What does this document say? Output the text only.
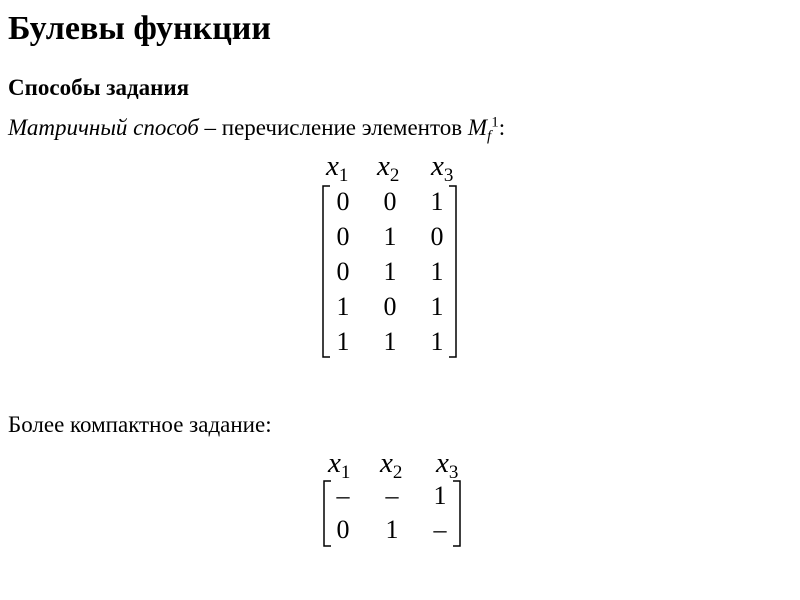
Булевы функции
Способы задания
Матричный способ – перечисление элементов $M_f^1$:
$x_1$ $x_2$ $x_3$
0	0	1
0	1	0
0	1	1
1	0	1
1	1	1
Более компактное задание:
$x_1$ $x_2$ $x_3$
–	–	1
0	1	–
